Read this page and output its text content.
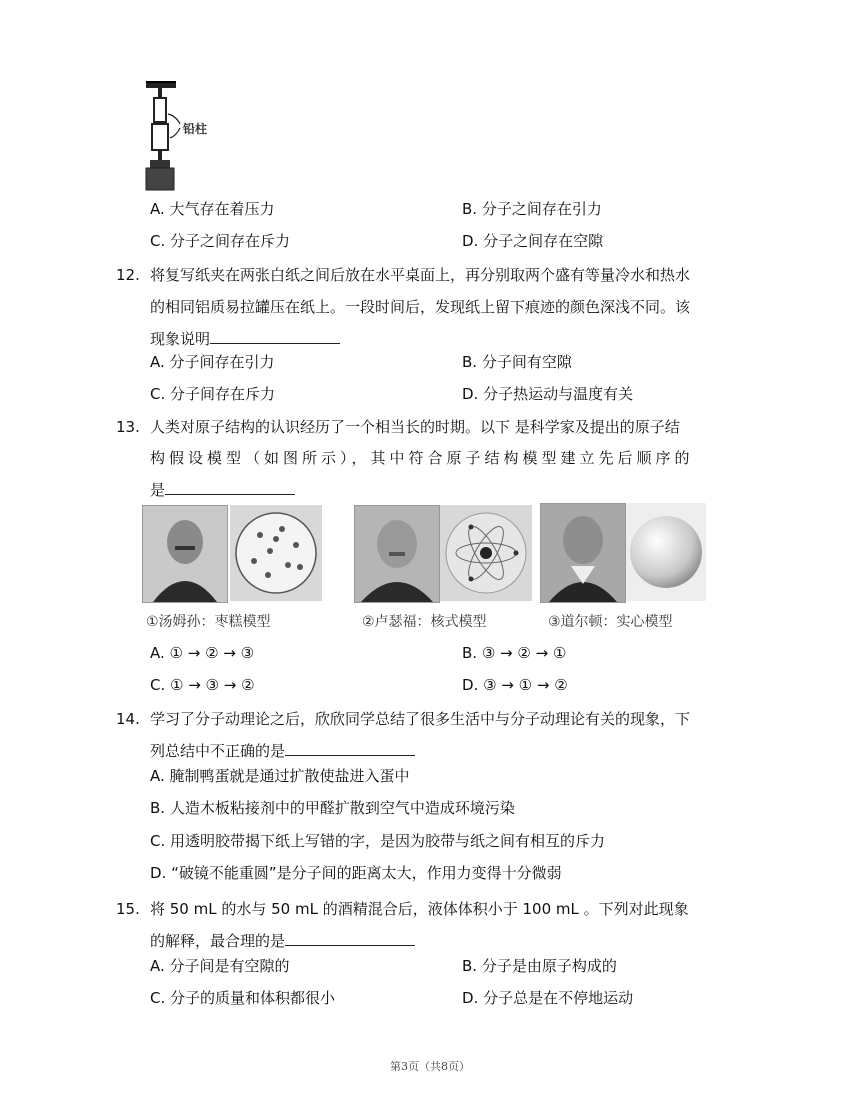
铅柱
A. 大气存在着压力	B. 分子之间存在引力
C. 分子之间存在斥力	D. 分子之间存在空隙
12. 将复写纸夹在两张白纸之间后放在水平桌面上，再分别取两个盛有等量冷水和热水
的相同铝质易拉罐压在纸上。一段时间后，发现纸上留下痕迹的颜色深浅不同。该
现象说明
A. 分子间存在引力	B. 分子间有空隙
C. 分子间存在斥力	D. 分子热运动与温度有关
13. 人类对原子结构的认识经历了一个相当长的时期。以下 是科学家及提出的原子结
构假设模型（如图所示），其中符合原子结构模型建立先后顺序的
是
①汤姆孙：枣糕模型	②卢瑟福：核式模型	③道尔顿：实心模型
A. ① → ② → ③	B. ③ → ② → ①
C. ① → ③ → ②	D. ③ → ① → ②
14. 学习了分子动理论之后，欣欣同学总结了很多生活中与分子动理论有关的现象，下
列总结中不正确的是
A. 腌制鸭蛋就是通过扩散使盐进入蛋中
B. 人造木板粘接剂中的甲醛扩散到空气中造成环境污染
C. 用透明胶带揭下纸上写错的字，是因为胶带与纸之间有相互的斥力
D. “破镜不能重圆”是分子间的距离太大，作用力变得十分微弱
15. 将 50 mL 的水与 50 mL 的酒精混合后，液体体积小于 100 mL 。下列对此现象
的解释，最合理的是
A. 分子间是有空隙的	B. 分子是由原子构成的
C. 分子的质量和体积都很小	D. 分子总是在不停地运动
第3页（共8页）
